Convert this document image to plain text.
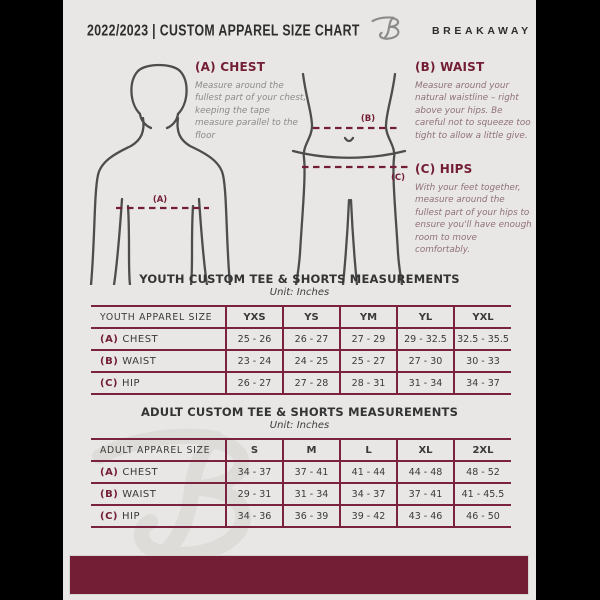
2022/2023 | CUSTOM APPAREL SIZE CHART	BREAKAWAY
(A)
(B)
(C)

(A) CHEST

Measure around the fullest part of your chest, keeping the tape measure parallel to the floor

(B) WAIST

Measure around your natural waistline – right above your hips. Be careful not to squeeze too tight to allow a little give.

(C) HIPS

With your feet together, measure around the fullest part of your hips to ensure you'll have enough room to move comfortably.

YOUTH CUSTOM TEE & SHORTS MEASUREMENTS

Unit: Inches

YOUTH APPAREL SIZE	YXS	YS	YM	YL	YXL
(A) CHEST	25 - 26	26 - 27	27 - 29	29 - 32.5	32.5 - 35.5
(B) WAIST	23 - 24	24 - 25	25 - 27	27 - 30	30 - 33
(C) HIP	26 - 27	27 - 28	28 - 31	31 - 34	34 - 37

ADULT CUSTOM TEE & SHORTS MEASUREMENTS

Unit: Inches

ADULT APPAREL SIZE	S	M	L	XL	2XL
(A) CHEST	34 - 37	37 - 41	41 - 44	44 - 48	48 - 52
(B) WAIST	29 - 31	31 - 34	34 - 37	37 - 41	41 - 45.5
(C) HIP	34 - 36	36 - 39	39 - 42	43 - 46	46 - 50
